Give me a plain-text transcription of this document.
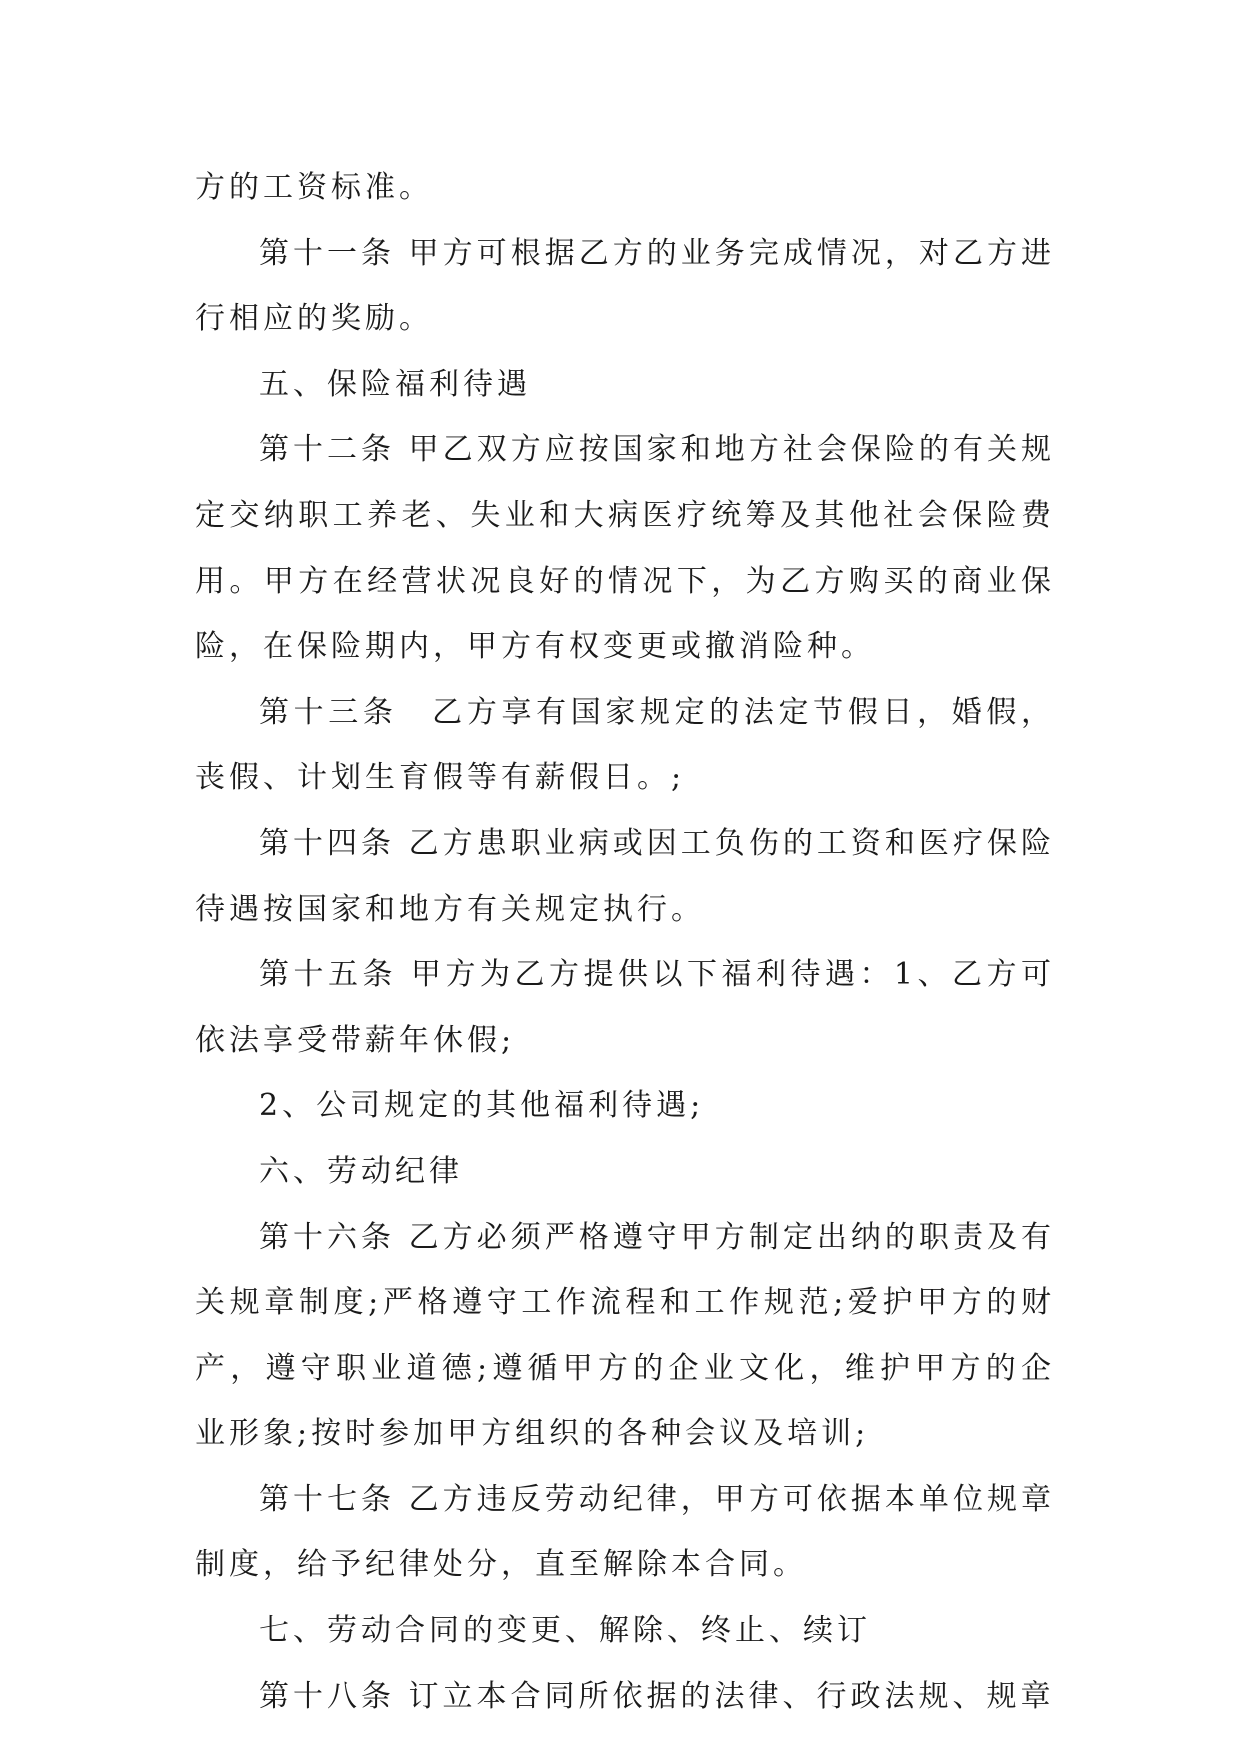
方的工资标准。

第十一条 甲方可根据乙方的业务完成情况，对乙方进行相应的奖励。

五、保险福利待遇

第十二条 甲乙双方应按国家和地方社会保险的有关规定交纳职工养老、失业和大病医疗统筹及其他社会保险费用。甲方在经营状况良好的情况下，为乙方购买的商业保险，在保险期内，甲方有权变更或撤消险种。

第十三条　乙方享有国家规定的法定节假日，婚假，丧假、计划生育假等有薪假日。;

第十四条 乙方患职业病或因工负伤的工资和医疗保险待遇按国家和地方有关规定执行。

第十五条 甲方为乙方提供以下福利待遇：1、乙方可依法享受带薪年休假;

2、公司规定的其他福利待遇;

六、劳动纪律

第十六条 乙方必须严格遵守甲方制定出纳的职责及有关规章制度;严格遵守工作流程和工作规范;爱护甲方的财产，遵守职业道德;遵循甲方的企业文化，维护甲方的企业形象;按时参加甲方组织的各种会议及培训;

第十七条 乙方违反劳动纪律，甲方可依据本单位规章制度，给予纪律处分，直至解除本合同。

七、劳动合同的变更、解除、终止、续订

第十八条 订立本合同所依据的法律、行政法规、规章
